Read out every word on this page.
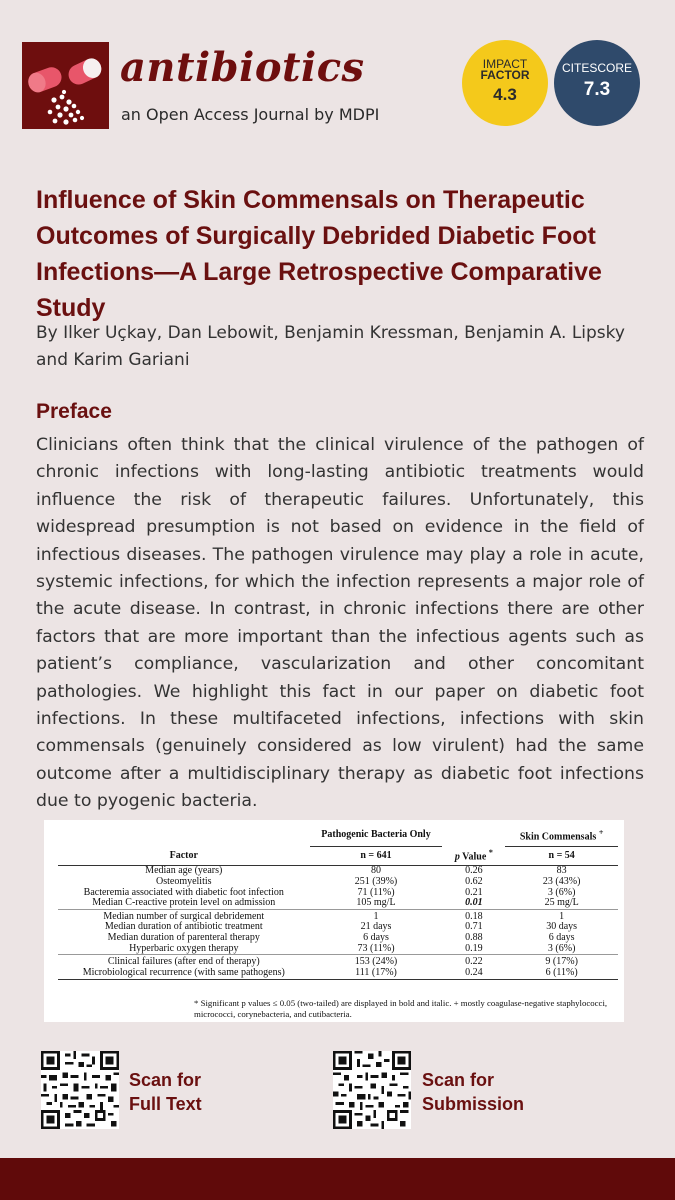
antibiotics
an Open Access Journal by MDPI
IMPACT
FACTOR
4.3
CITESCORE
7.3
Influence of Skin Commensals on Therapeutic Outcomes of Surgically Debrided Diabetic Foot Infections—A Large Retrospective Comparative Study
By Ilker Uçkay, Dan Lebowit, Benjamin Kressman, Benjamin A. Lipsky and Karim Gariani
Preface
Clinicians often think that the clinical virulence of the pathogen of chronic infections with long-lasting antibiotic treatments would influence the risk of therapeutic failures. Unfortunately, this widespread presumption is not based on evidence in the field of infectious diseases. The pathogen virulence may play a role in acute, systemic infections, for which the infection represents a major role of the acute disease. In contrast, in chronic infections there are other factors that are more important than the infectious agents such as patient’s compliance, vascularization and other concomitant pathologies. We highlight this fact in our paper on diabetic foot infections. In these multifaceted infections, infections with skin commensals (genuinely considered as low virulent) had the same outcome after a multidisciplinary therapy as diabetic foot infections due to pyogenic bacteria.
	Pathogenic Bacteria Only		Skin Commensals +
Factor	n = 641	p Value *	n = 54
Median age (years)	80	0.26	83
Osteomyelitis	251 (39%)	0.62	23 (43%)
Bacteremia associated with diabetic foot infection	71 (11%)	0.21	3 (6%)
Median C-reactive protein level on admission	105 mg/L	0.01	25 mg/L
Median number of surgical debridement	1	0.18	1
Median duration of antibiotic treatment	21 days	0.71	30 days
Median duration of parenteral therapy	6 days	0.88	6 days
Hyperbaric oxygen therapy	73 (11%)	0.19	3 (6%)
Clinical failures (after end of therapy)	153 (24%)	0.22	9 (17%)
Microbiological recurrence (with same pathogens)	111 (17%)	0.24	6 (11%)
* Significant p values ≤ 0.05 (two-tailed) are displayed in bold and italic. + mostly coagulase-negative staphylococci, micrococci, corynebacteria, and cutibacteria.
Scan for
Full Text
Scan for
Submission
